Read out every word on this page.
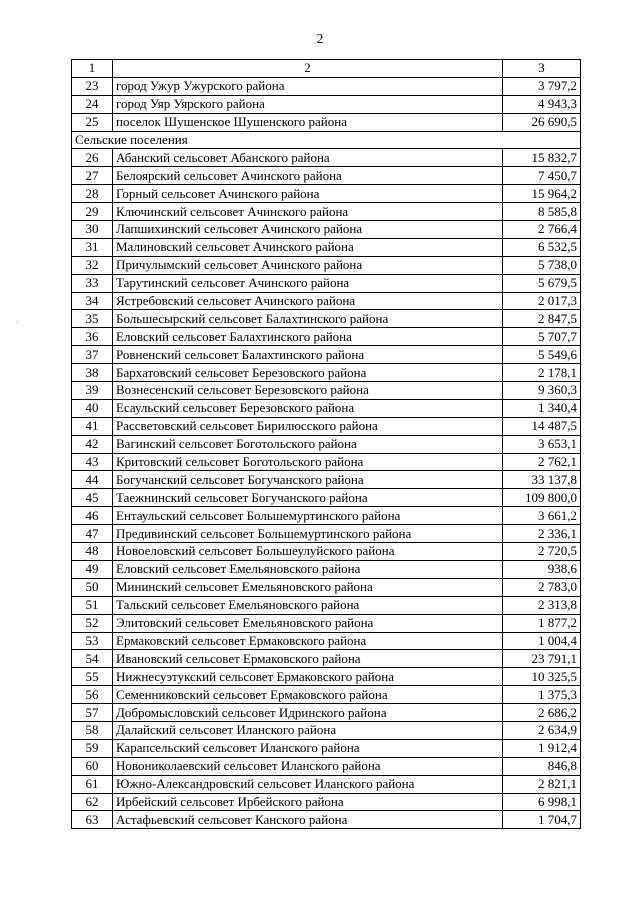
2
·
1	2	3
23	город Ужур Ужурского района	3 797,2
24	город Уяр Уярского района	4 943,3
25	поселок Шушенское Шушенского района	26 690,5
Сельские поселения		
26	Абанский сельсовет Абанского района	15 832,7
27	Белоярский сельсовет Ачинского района	7 450,7
28	Горный сельсовет Ачинского района	15 964,2
29	Ключинский сельсовет Ачинского района	8 585,8
30	Лапшихинский сельсовет Ачинского района	2 766,4
31	Малиновский сельсовет Ачинского района	6 532,5
32	Причулымский сельсовет Ачинского района	5 738,0
33	Тарутинский сельсовет Ачинского района	5 679,5
34	Ястребовский сельсовет Ачинского района	2 017,3
35	Большесырский сельсовет Балахтинского района	2 847,5
36	Еловский сельсовет Балахтинского района	5 707,7
37	Ровненский сельсовет Балахтинского района	5 549,6
38	Бархатовский сельсовет Березовского района	2 178,1
39	Вознесенский сельсовет Березовского района	9 360,3
40	Есаульский сельсовет Березовского района	1 340,4
41	Рассветовский сельсовет Бирилюсского района	14 487,5
42	Вагинский сельсовет Боготольского района	3 653,1
43	Критовский сельсовет Боготольского района	2 762,1
44	Богучанский сельсовет Богучанского района	33 137,8
45	Таежнинский сельсовет Богучанского района	109 800,0
46	Ентаульский сельсовет Большемуртинского района	3 661,2
47	Предивинский сельсовет Большемуртинского района	2 336,1
48	Новоеловский сельсовет Большеулуйского района	2 720,5
49	Еловский сельсовет Емельяновского района	938,6
50	Мининский сельсовет Емельяновского района	2 783,0
51	Тальский сельсовет Емельяновского района	2 313,8
52	Элитовский сельсовет Емельяновского района	1 877,2
53	Ермаковский сельсовет Ермаковского района	1 004,4
54	Ивановский сельсовет Ермаковского района	23 791,1
55	Нижнесуэтукский сельсовет Ермаковского района	10 325,5
56	Семенниковский сельсовет Ермаковского района	1 375,3
57	Добромысловский сельсовет Идринского района	2 686,2
58	Далайский сельсовет Иланского района	2 634,9
59	Карапсельский сельсовет Иланского района	1 912,4
60	Новониколаевский сельсовет Иланского района	846,8
61	Южно-Александровский сельсовет Иланского района	2 821,1
62	Ирбейский сельсовет Ирбейского района	6 998,1
63	Астафьевский сельсовет Канского района	1 704,7
